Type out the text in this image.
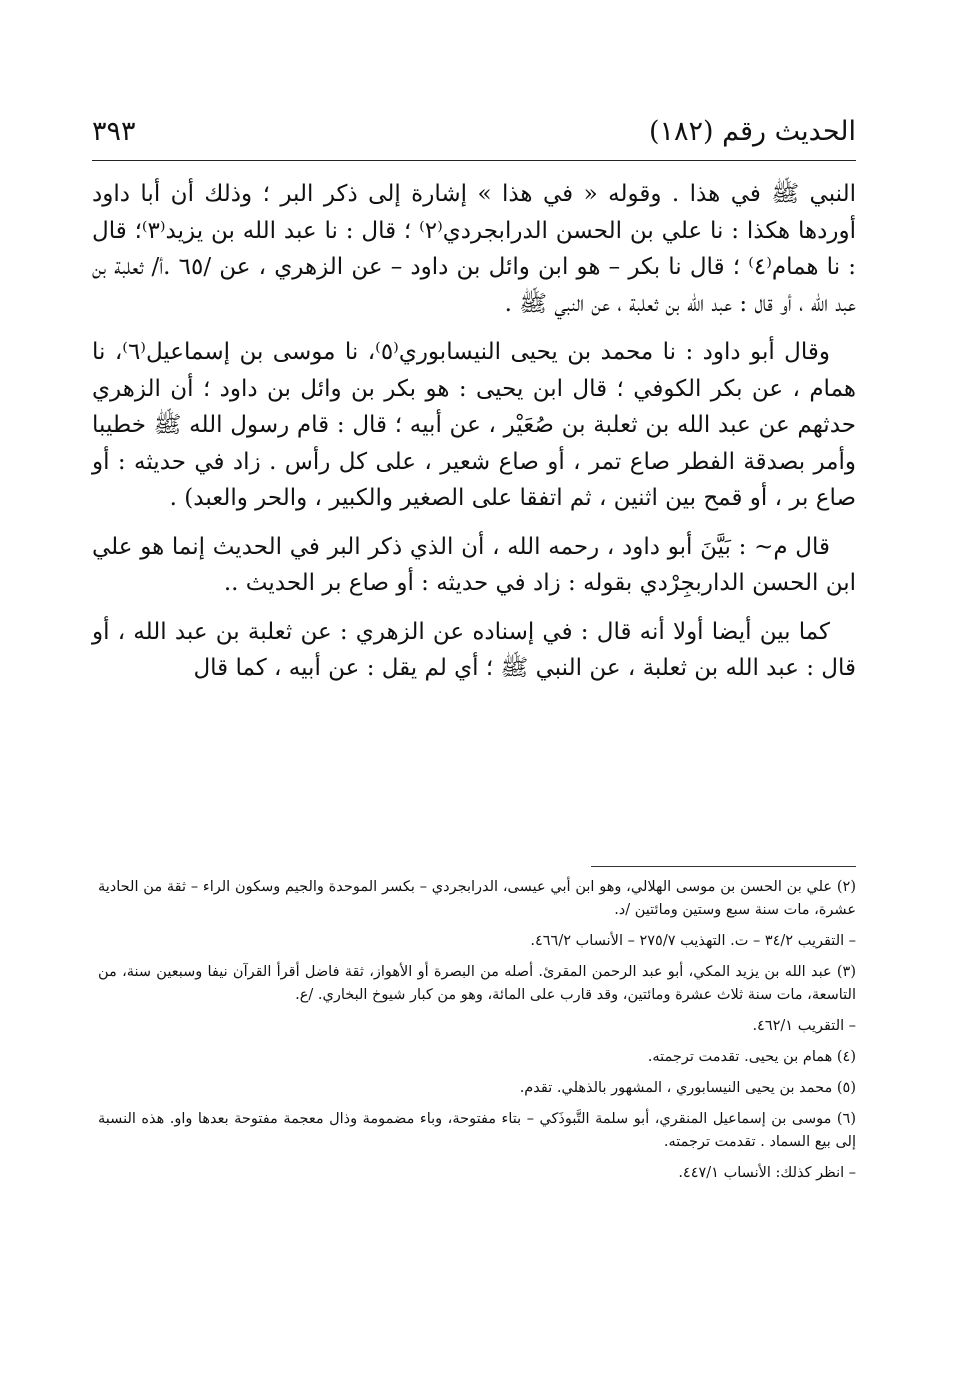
الحديث رقم (١٨٢)
٣٩٣

النبي ﷺ في هذا . وقوله « في هذا » إشارة إلى ذكر البر ؛ وذلك أن أبا داود أوردها هكذا : نا علي بن الحسن الدرابجردي⁽٢⁾ ؛ قال : نا عبد الله بن يزيد⁽٣⁾؛ قال : نا همام⁽٤⁾ ؛ قال نا بكر – هو ابن وائل بن داود – عن الزهري ، عن /٦٥ .أ/ ثعلبة بن عبد الله ، أو قال : عبد الله بن ثعلبة ، عن النبي ﷺ .

وقال أبو داود : نا محمد بن يحيى النيسابوري⁽٥⁾، نا موسى بن إسماعيل⁽٦⁾، نا همام ، عن بكر الكوفي ؛ قال ابن يحيى : هو بكر بن وائل بن داود ؛ أن الزهري حدثهم عن عبد الله بن ثعلبة بن صُعَيْر ، عن أبيه ؛ قال : قام رسول الله ﷺ خطيبا وأمر بصدقة الفطر صاع تمر ، أو صاع شعير ، على كل رأس . زاد في حديثه : أو صاع بر ، أو قمح بين اثنين ، ثم اتفقا على الصغير والكبير ، والحر والعبد) .

قال م~ : بَيَّنَ أبو داود ، رحمه الله ، أن الذي ذكر البر في الحديث إنما هو علي ابن الحسن الداربجِرْدي بقوله : زاد في حديثه : أو صاع بر الحديث ..

كما بين أيضا أولا أنه قال : في إسناده عن الزهري : عن ثعلبة بن عبد الله ، أو قال : عبد الله بن ثعلبة ، عن النبي ﷺ ؛ أي لم يقل : عن أبيه ، كما قال

(٢) علي بن الحسن بن موسى الهلالي، وهو ابن أبي عيسى، الدرابجردي – بكسر الموحدة والجيم وسكون الراء – ثقة من الحادية عشرة، مات سنة سبع وستين ومائتين /د.

– التقريب ٣٤/٢ – ت. التهذيب ٢٧٥/٧ – الأنساب ٤٦٦/٢.

(٣) عبد الله بن يزيد المكي، أبو عبد الرحمن المقرئ. أصله من البصرة أو الأهواز، ثقة فاضل أقرأ القرآن نيفا وسبعين سنة، من التاسعة، مات سنة ثلاث عشرة ومائتين، وقد قارب على المائة، وهو من كبار شيوخ البخاري. /ع.

– التقريب ٤٦٢/١.

(٤) همام بن يحيى. تقدمت ترجمته.

(٥) محمد بن يحيى النيسابوري ، المشهور بالذهلي. تقدم.

(٦) موسى بن إسماعيل المنقري، أبو سلمة التَّبوذَكي – بتاء مفتوحة، وباء مضمومة وذال معجمة مفتوحة بعدها واو. هذه النسبة إلى بيع السماد . تقدمت ترجمته.

– انظر كذلك: الأنساب ٤٤٧/١.
